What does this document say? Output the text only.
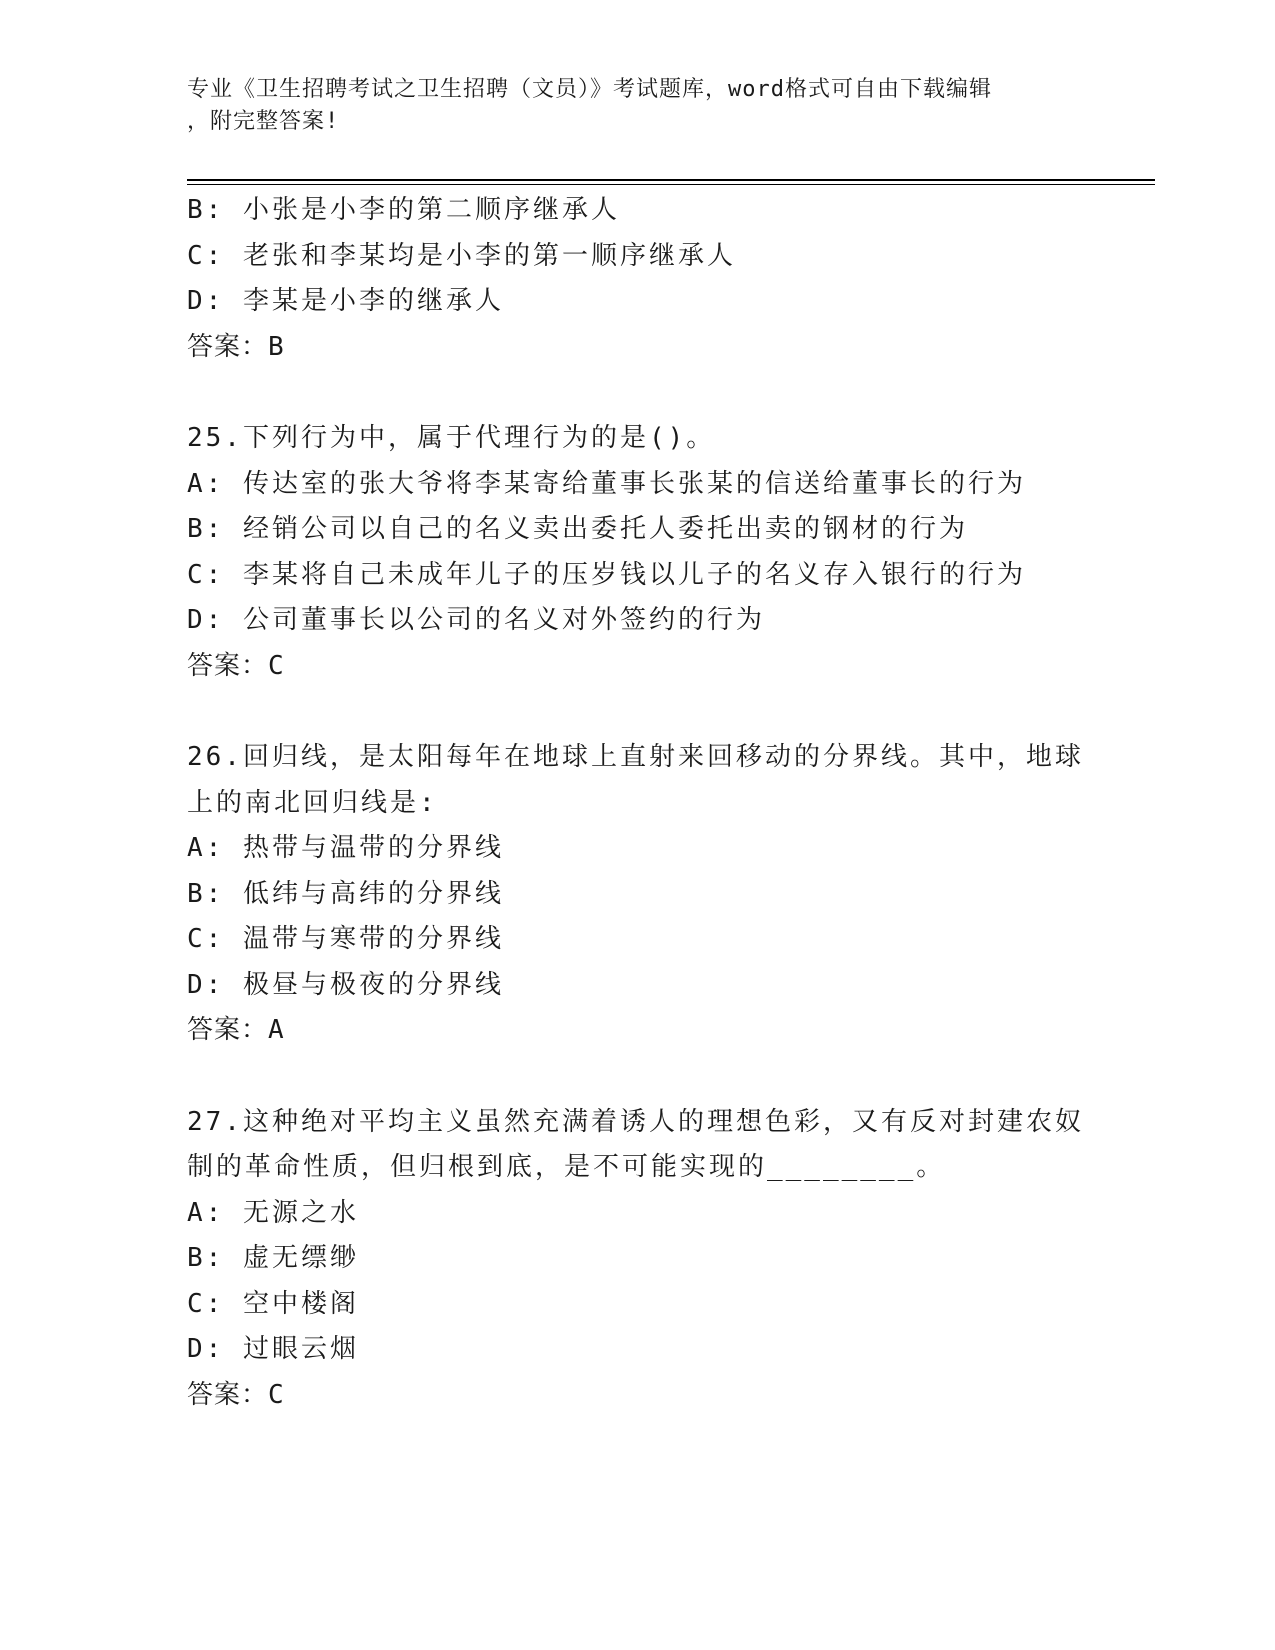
专业《卫生招聘考试之卫生招聘（文员）》考试题库，word格式可自由下载编辑
，附完整答案!
B: 小张是小李的第二顺序继承人
C: 老张和李某均是小李的第一顺序继承人
D: 李某是小李的继承人
答案：B
25.下列行为中，属于代理行为的是()。
A: 传达室的张大爷将李某寄给董事长张某的信送给董事长的行为
B: 经销公司以自己的名义卖出委托人委托出卖的钢材的行为
C: 李某将自己未成年儿子的压岁钱以儿子的名义存入银行的行为
D: 公司董事长以公司的名义对外签约的行为
答案：C
26.回归线，是太阳每年在地球上直射来回移动的分界线。其中，地球
上的南北回归线是:
A: 热带与温带的分界线
B: 低纬与高纬的分界线
C: 温带与寒带的分界线
D: 极昼与极夜的分界线
答案：A
27.这种绝对平均主义虽然充满着诱人的理想色彩，又有反对封建农奴
制的革命性质，但归根到底，是不可能实现的________。
A: 无源之水
B: 虚无缥缈
C: 空中楼阁
D: 过眼云烟
答案：C
